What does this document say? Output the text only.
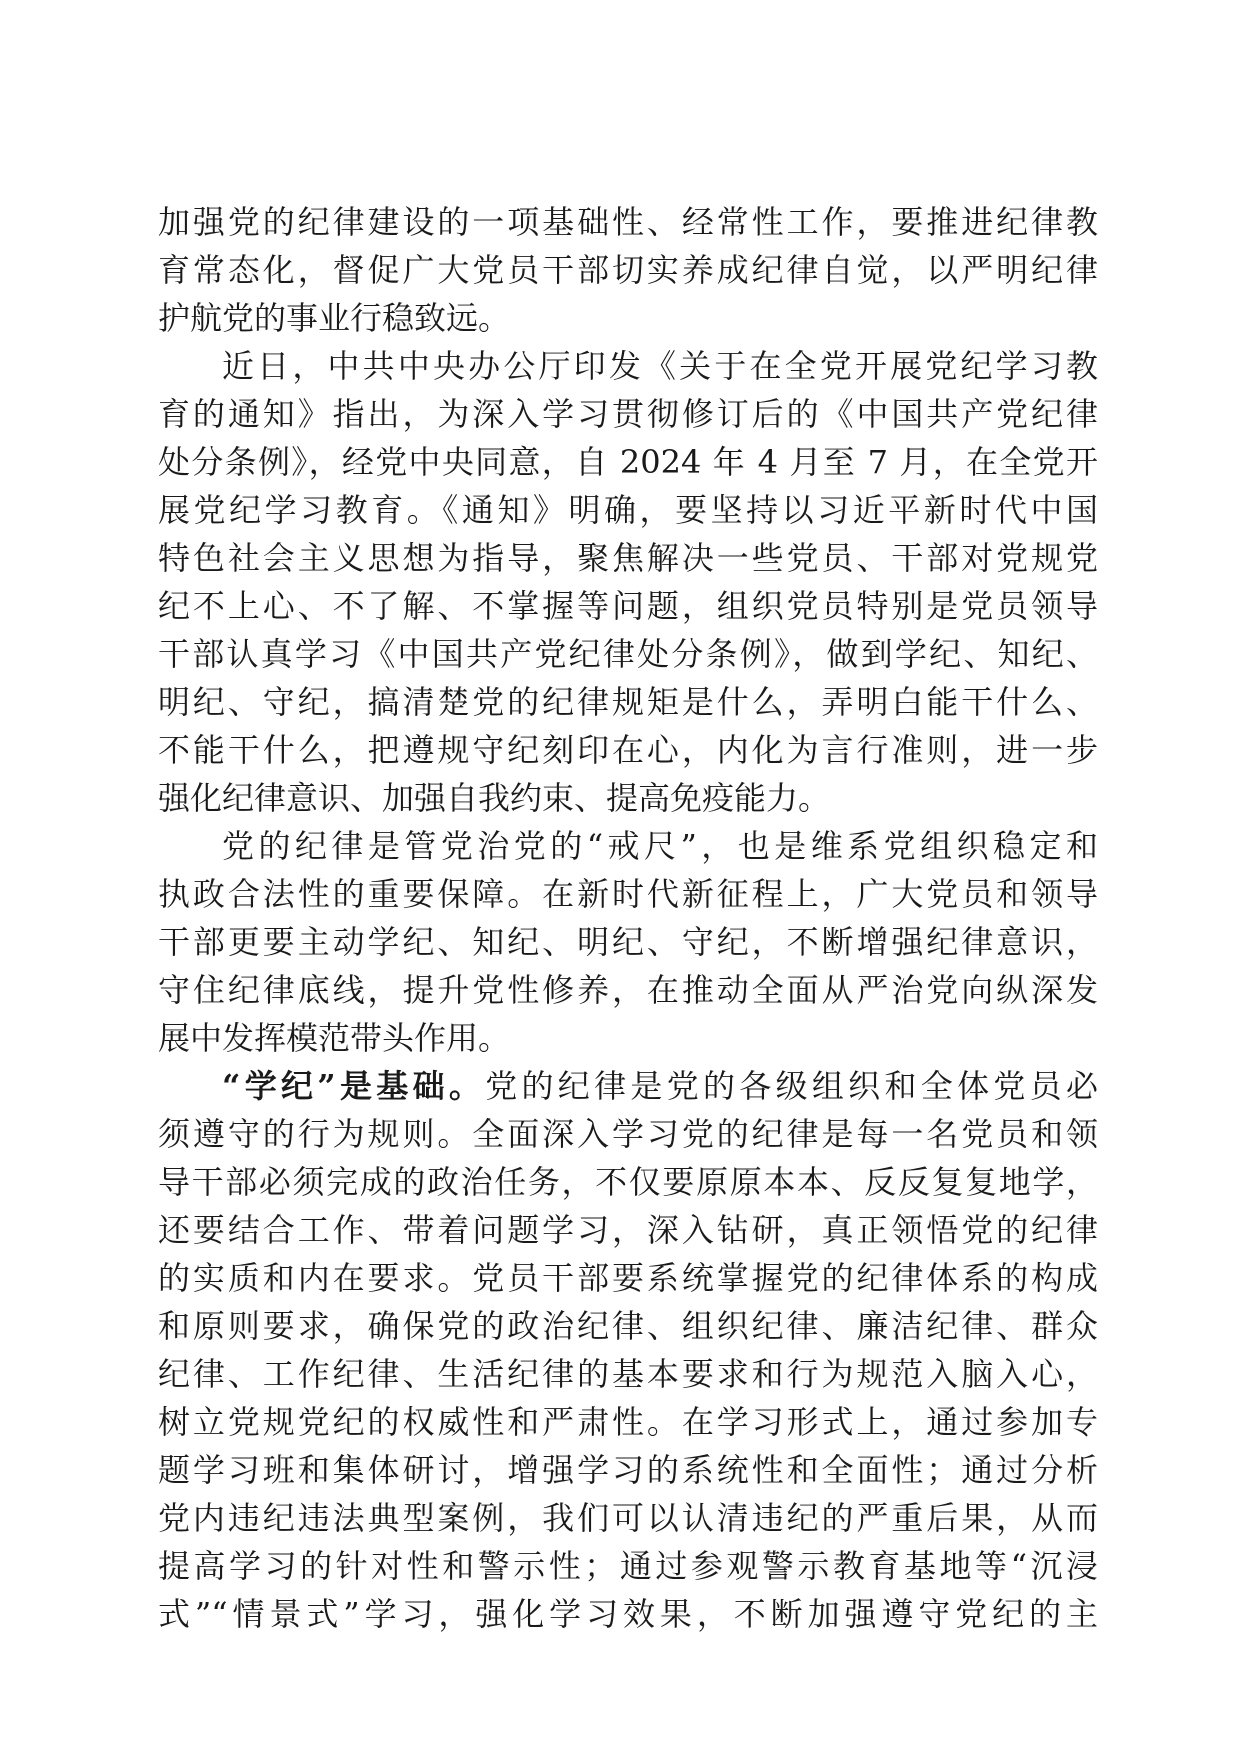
加强党的纪律建设的一项基础性、经常性工作，要推进纪律教
育常态化，督促广大党员干部切实养成纪律自觉，以严明纪律
护航党的事业行稳致远。
近日，中共中央办公厅印发《关于在全党开展党纪学习教
育的通知》指出，为深入学习贯彻修订后的《中国共产党纪律
处分条例》，经党中央同意，自 2024 年 4 月至 7 月，在全党开
展党纪学习教育。《通知》明确，要坚持以习近平新时代中国
特色社会主义思想为指导，聚焦解决一些党员、干部对党规党
纪不上心、不了解、不掌握等问题，组织党员特别是党员领导
干部认真学习《中国共产党纪律处分条例》，做到学纪、知纪、
明纪、守纪，搞清楚党的纪律规矩是什么，弄明白能干什么、
不能干什么，把遵规守纪刻印在心，内化为言行准则，进一步
强化纪律意识、加强自我约束、提高免疫能力。
党的纪律是管党治党的“戒尺”，也是维系党组织稳定和
执政合法性的重要保障。在新时代新征程上，广大党员和领导
干部更要主动学纪、知纪、明纪、守纪，不断增强纪律意识，
守住纪律底线，提升党性修养，在推动全面从严治党向纵深发
展中发挥模范带头作用。
“学纪”是基础。党的纪律是党的各级组织和全体党员必
须遵守的行为规则。全面深入学习党的纪律是每一名党员和领
导干部必须完成的政治任务，不仅要原原本本、反反复复地学，
还要结合工作、带着问题学习，深入钻研，真正领悟党的纪律
的实质和内在要求。党员干部要系统掌握党的纪律体系的构成
和原则要求，确保党的政治纪律、组织纪律、廉洁纪律、群众
纪律、工作纪律、生活纪律的基本要求和行为规范入脑入心，
树立党规党纪的权威性和严肃性。在学习形式上，通过参加专
题学习班和集体研讨，增强学习的系统性和全面性；通过分析
党内违纪违法典型案例，我们可以认清违纪的严重后果，从而
提高学习的针对性和警示性；通过参观警示教育基地等“沉浸
式”“情景式”学习，强化学习效果，不断加强遵守党纪的主
